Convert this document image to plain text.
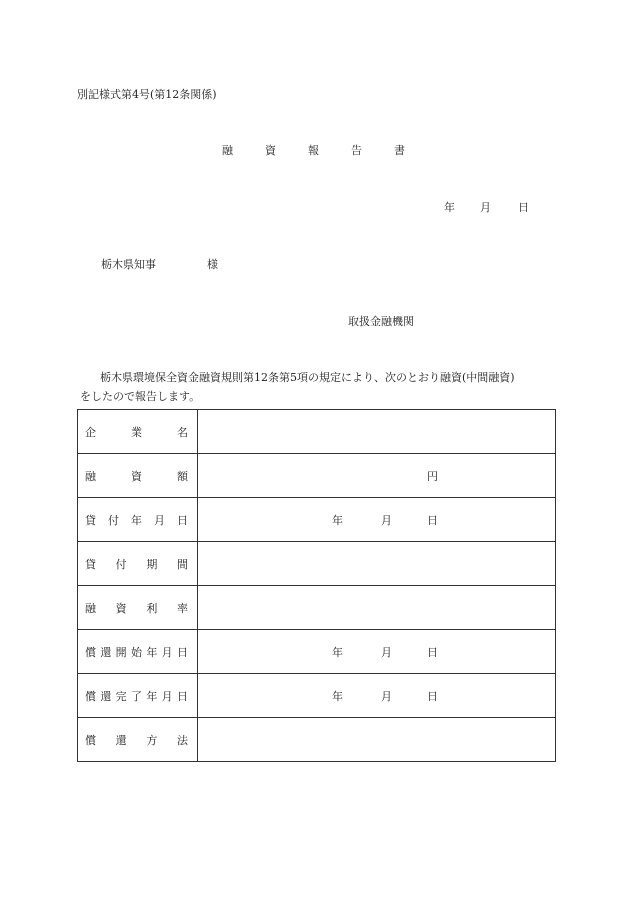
別記様式第4号(第12条関係)
融	資	報	告	書
年 月 日
栃木県知事	様
取扱金融機関
栃木県環境保全資金融資規則第12条第5項の規定により、次のとおり融資(中間融資)
をしたので報告します。
企業名	
融資額	円

貸付年月日	年 月 日

貸付期間	
融資利率	
償還開始年月日	年 月 日

償還完了年月日	年 月 日

償還方法	
